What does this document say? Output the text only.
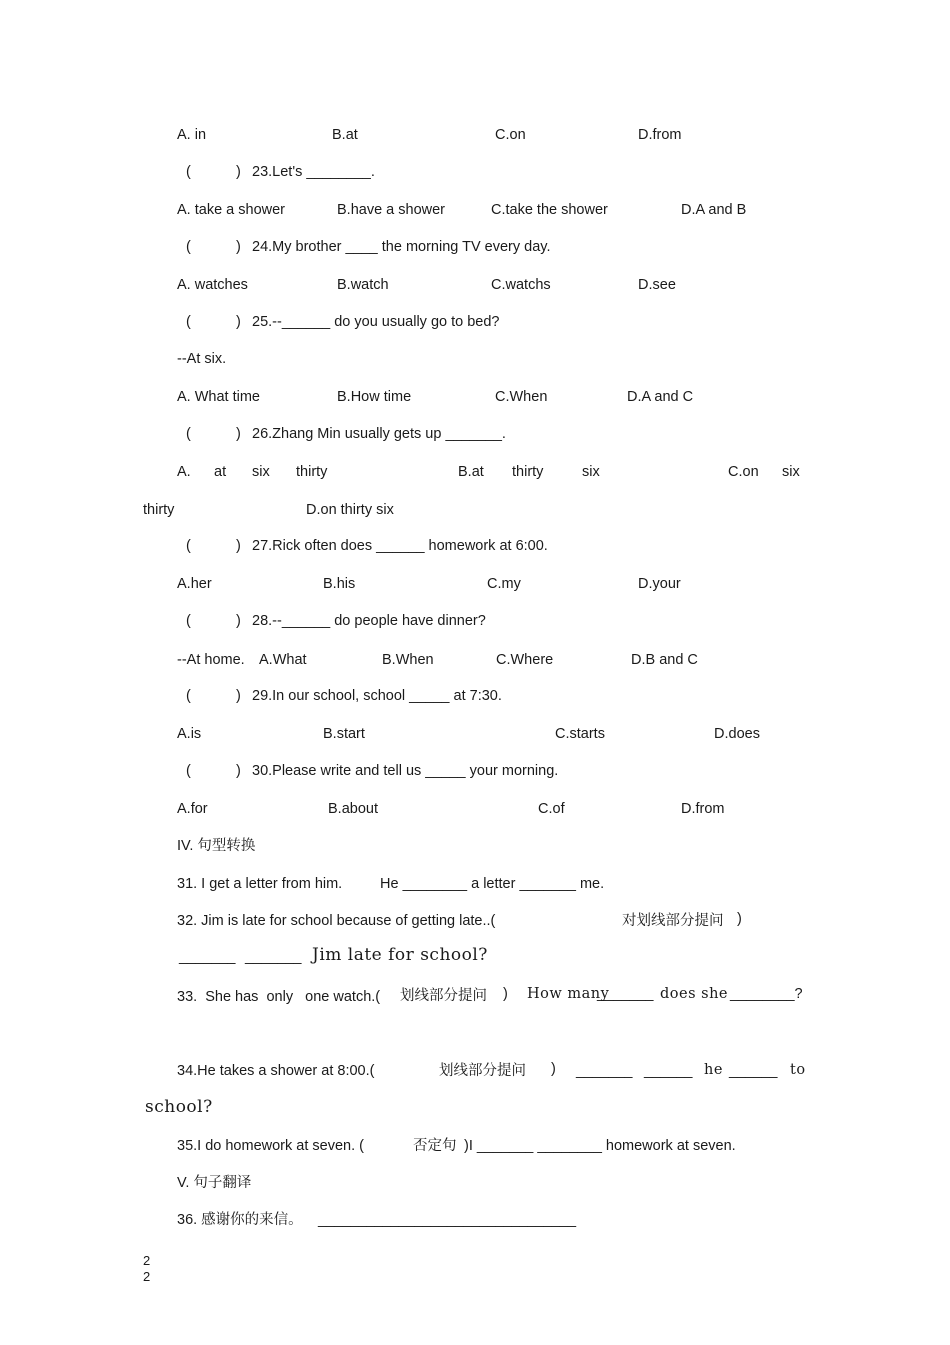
A. in	B.at	C.on	D.from
(	) 23.Let's ________.
A. take a shower	B.have a shower	C.take the shower	D.A and B
(	) 24.My brother ____ the morning TV every day.
A. watches	B.watch	C.watchs	D.see
(	) 25.--______ do you usually go to bed?
--At six.
A. What time	B.How time	C.When	D.A and C
(	) 26.Zhang Min usually gets up _______.
A. at six thirty	B.at thirty	six	C.on six
thirty	D.on thirty six
(	) 27.Rick often does ______ homework at 6:00.
A.her	B.his	C.my	D.your
(	) 28.--______ do people have dinner?
--At home. A.What	B.When	C.Where	D.B and C
(	) 29.In our school, school _____ at 7:30.
A.is	B.start	C.starts	D.does
(	) 30.Please write and tell us _____ your morning.
A.for	B.about	C.of	D.from
IV. 句型转换
31. I get a letter from him.	He ________ a letter _______ me.
32. Jim is late for school because of getting late..(	对划线部分提问 )
_______ _______ Jim late for school?
33.  She has  only   one watch.( 划线部分提问 ) How many
_______ does she ________?
34.He takes a shower at 8:00.(	划线部分提问 ) _______ ______ he ______ to
school?
35.I do homework at seven. (	否定句 )I _______ ________ homework at seven.
V. 句子翻译
36. 感谢你的来信。 ________________________________
2
2
